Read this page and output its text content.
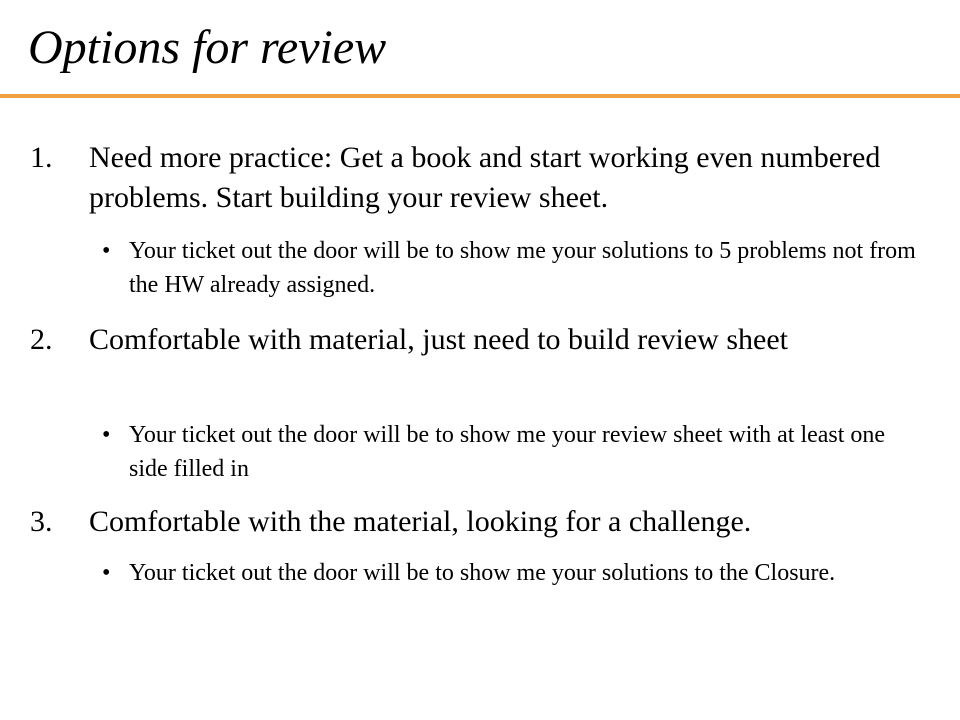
Options for review
1. Need more practice: Get a book and start working even numbered problems. Start building your review sheet.
• Your ticket out the door will be to show me your solutions to 5 problems not from the HW already assigned.
2. Comfortable with material, just need to build review sheet
• Your ticket out the door will be to show me your review sheet with at least one side filled in
3. Comfortable with the material, looking for a challenge.
• Your ticket out the door will be to show me your solutions to the Closure.
